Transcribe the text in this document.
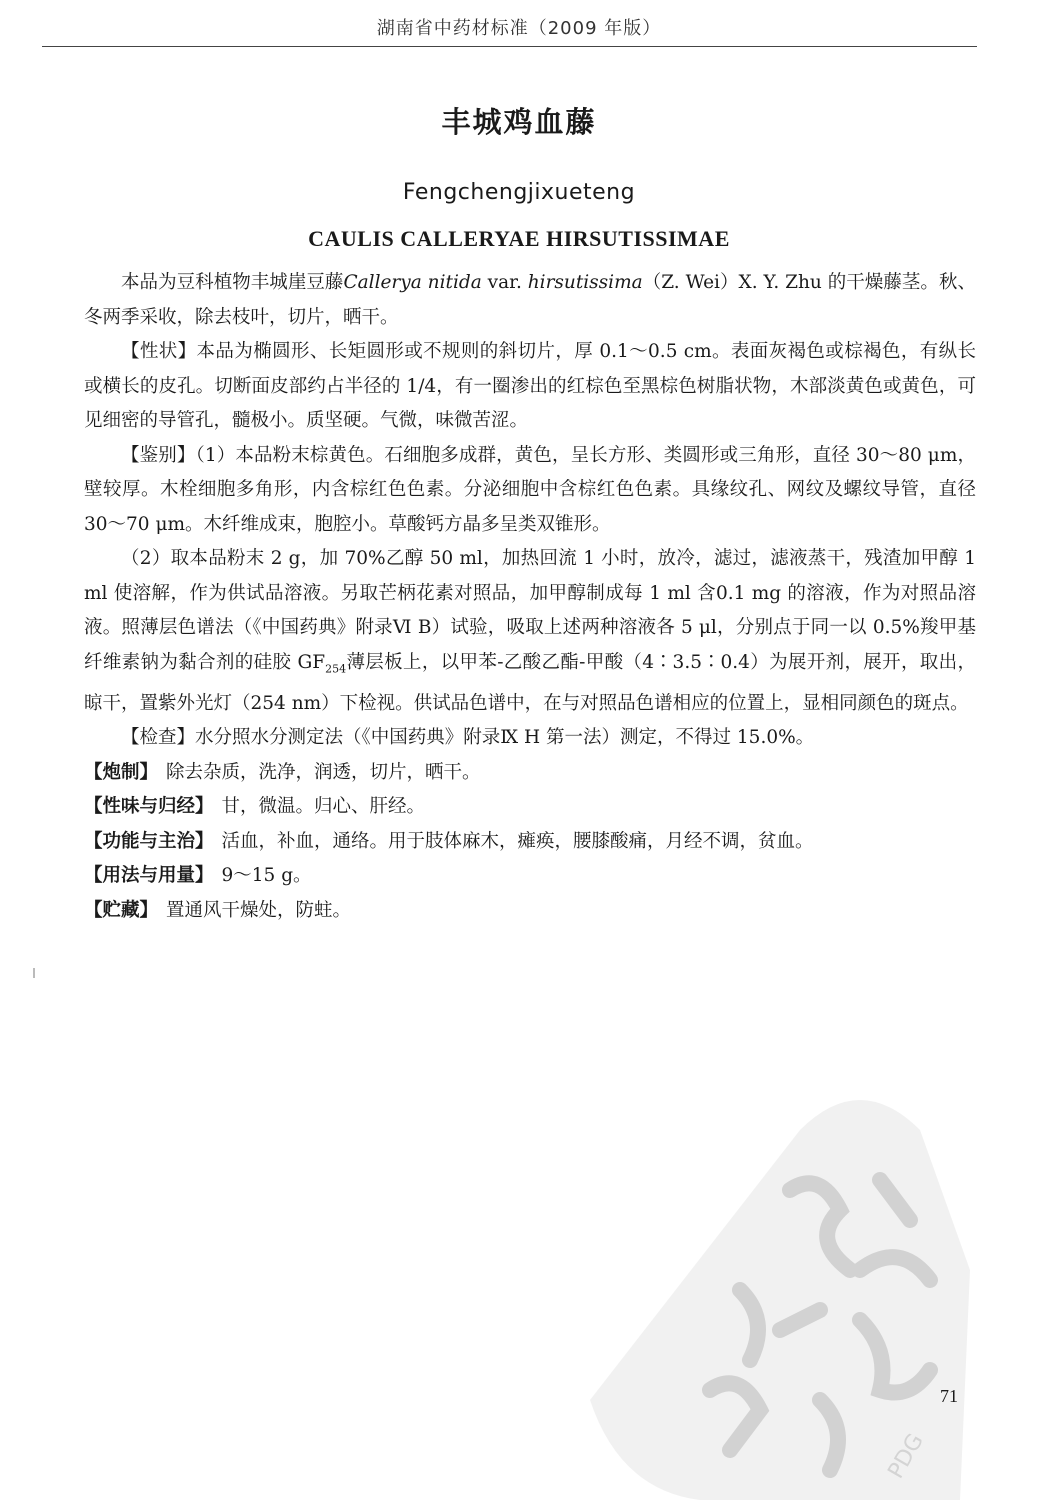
湖南省中药材标准（2009 年版）
丰城鸡血藤
Fengchengjixueteng
CAULIS CALLERYAE HIRSUTISSIMAE

本品为豆科植物丰城崖豆藤Callerya nitida var. hirsutissima（Z. Wei）X. Y. Zhu 的干燥藤茎。秋、冬两季采收，除去枝叶，切片，晒干。

【性状】本品为椭圆形、长矩圆形或不规则的斜切片，厚 0.1～0.5 cm。表面灰褐色或棕褐色，有纵长或横长的皮孔。切断面皮部约占半径的 1/4，有一圈渗出的红棕色至黑棕色树脂状物，木部淡黄色或黄色，可见细密的导管孔，髓极小。质坚硬。气微，味微苦涩。

【鉴别】（1）本品粉末棕黄色。石细胞多成群，黄色，呈长方形、类圆形或三角形，直径 30～80 μm，壁较厚。木栓细胞多角形，内含棕红色色素。分泌细胞中含棕红色色素。具缘纹孔、网纹及螺纹导管，直径 30～70 μm。木纤维成束，胞腔小。草酸钙方晶多呈类双锥形。

（2）取本品粉末 2 g，加 70%乙醇 50 ml，加热回流 1 小时，放冷，滤过，滤液蒸干，残渣加甲醇 1 ml 使溶解，作为供试品溶液。另取芒柄花素对照品，加甲醇制成每 1 ml 含0.1 mg 的溶液，作为对照品溶液。照薄层色谱法（《中国药典》附录Ⅵ B）试验，吸取上述两种溶液各 5 μl，分别点于同一以 0.5%羧甲基纤维素钠为黏合剂的硅胶 $GF_{254}$薄层板上，以甲苯-乙酸乙酯-甲酸（4∶3.5∶0.4）为展开剂，展开，取出，晾干，置紫外光灯（254 nm）下检视。供试品色谱中，在与对照品色谱相应的位置上，显相同颜色的斑点。

【检查】水分照水分测定法（《中国药典》附录Ⅸ H 第一法）测定，不得过 15.0%。

【炮制】 除去杂质，洗净，润透，切片，晒干。

【性味与归经】 甘，微温。归心、肝经。

【功能与主治】 活血，补血，通络。用于肢体麻木，瘫痪，腰膝酸痛，月经不调，贫血。

【用法与用量】 9～15 g。

【贮藏】 置通风干燥处，防蛀。

PDG
71
